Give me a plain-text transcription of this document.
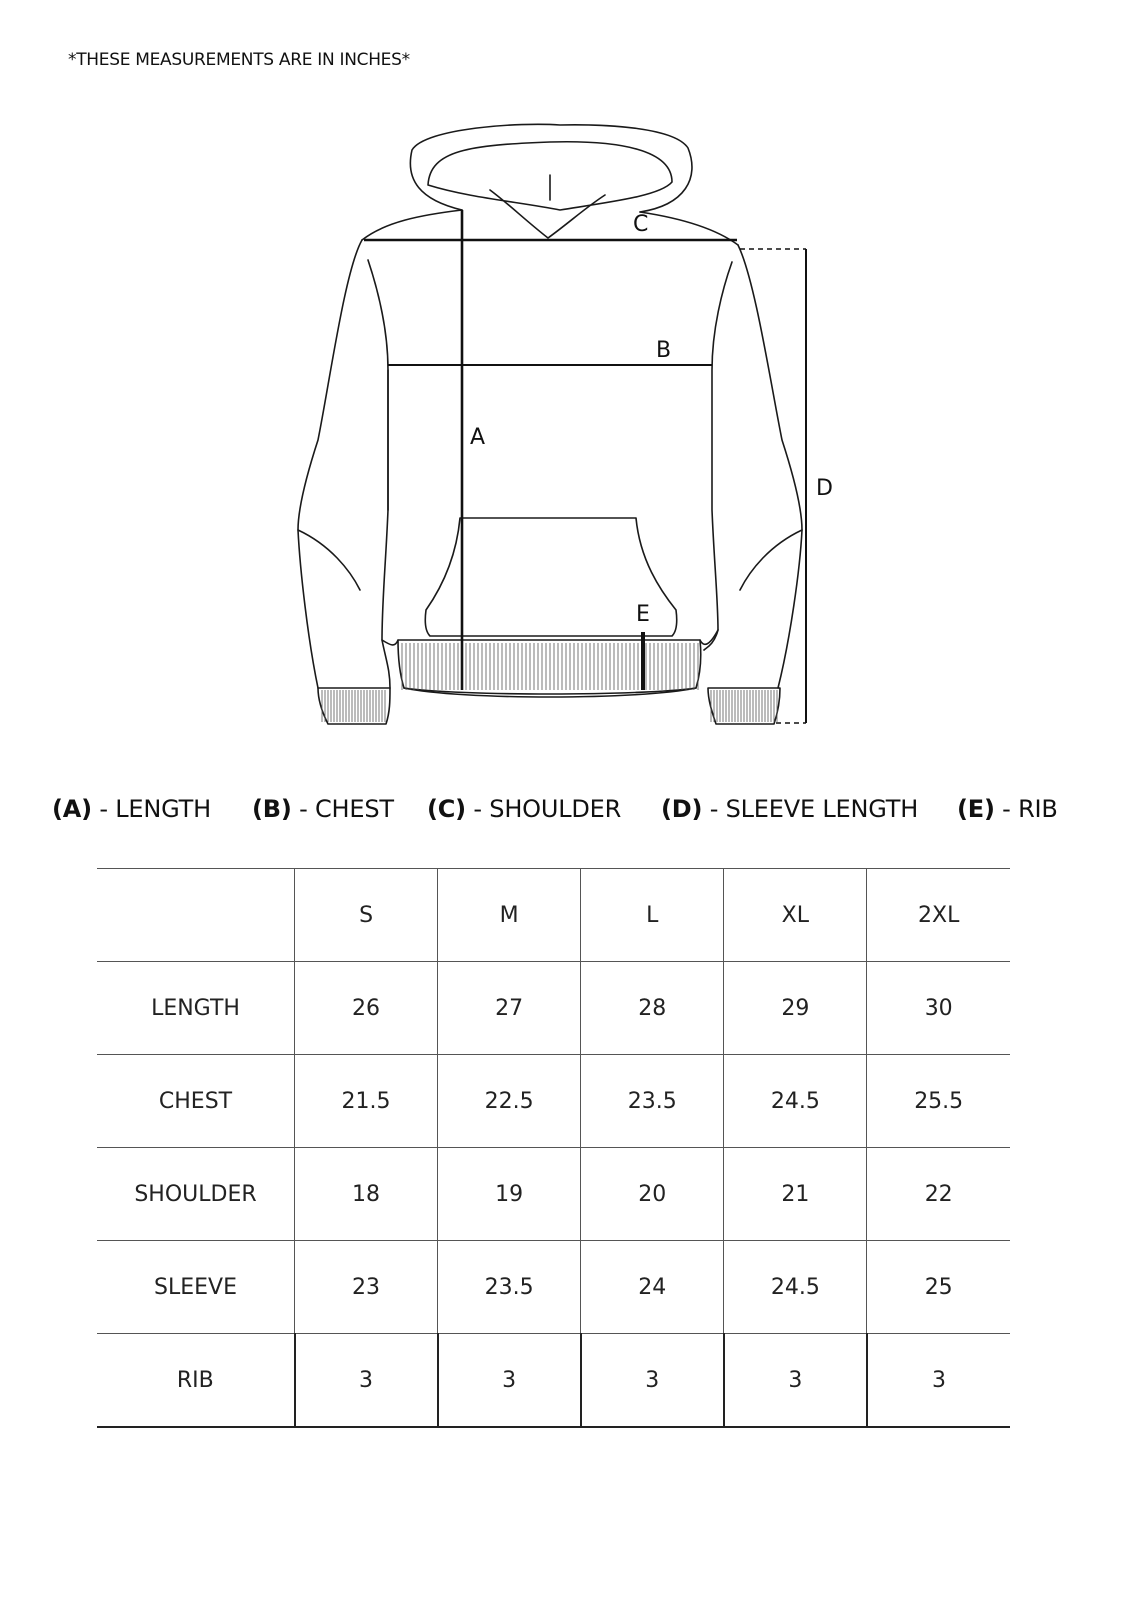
*THESE MEASUREMENTS ARE IN INCHES*
C
B
A
D
E
(A) - LENGTH (B) - CHEST (C) - SHOULDER (D) - SLEEVE LENGTH (E) - RIB
	S	M	L	XL	2XL
LENGTH	26	27	28	29	30
CHEST	21.5	22.5	23.5	24.5	25.5
SHOULDER	18	19	20	21	22
SLEEVE	23	23.5	24	24.5	25
RIB	3	3	3	3	3
